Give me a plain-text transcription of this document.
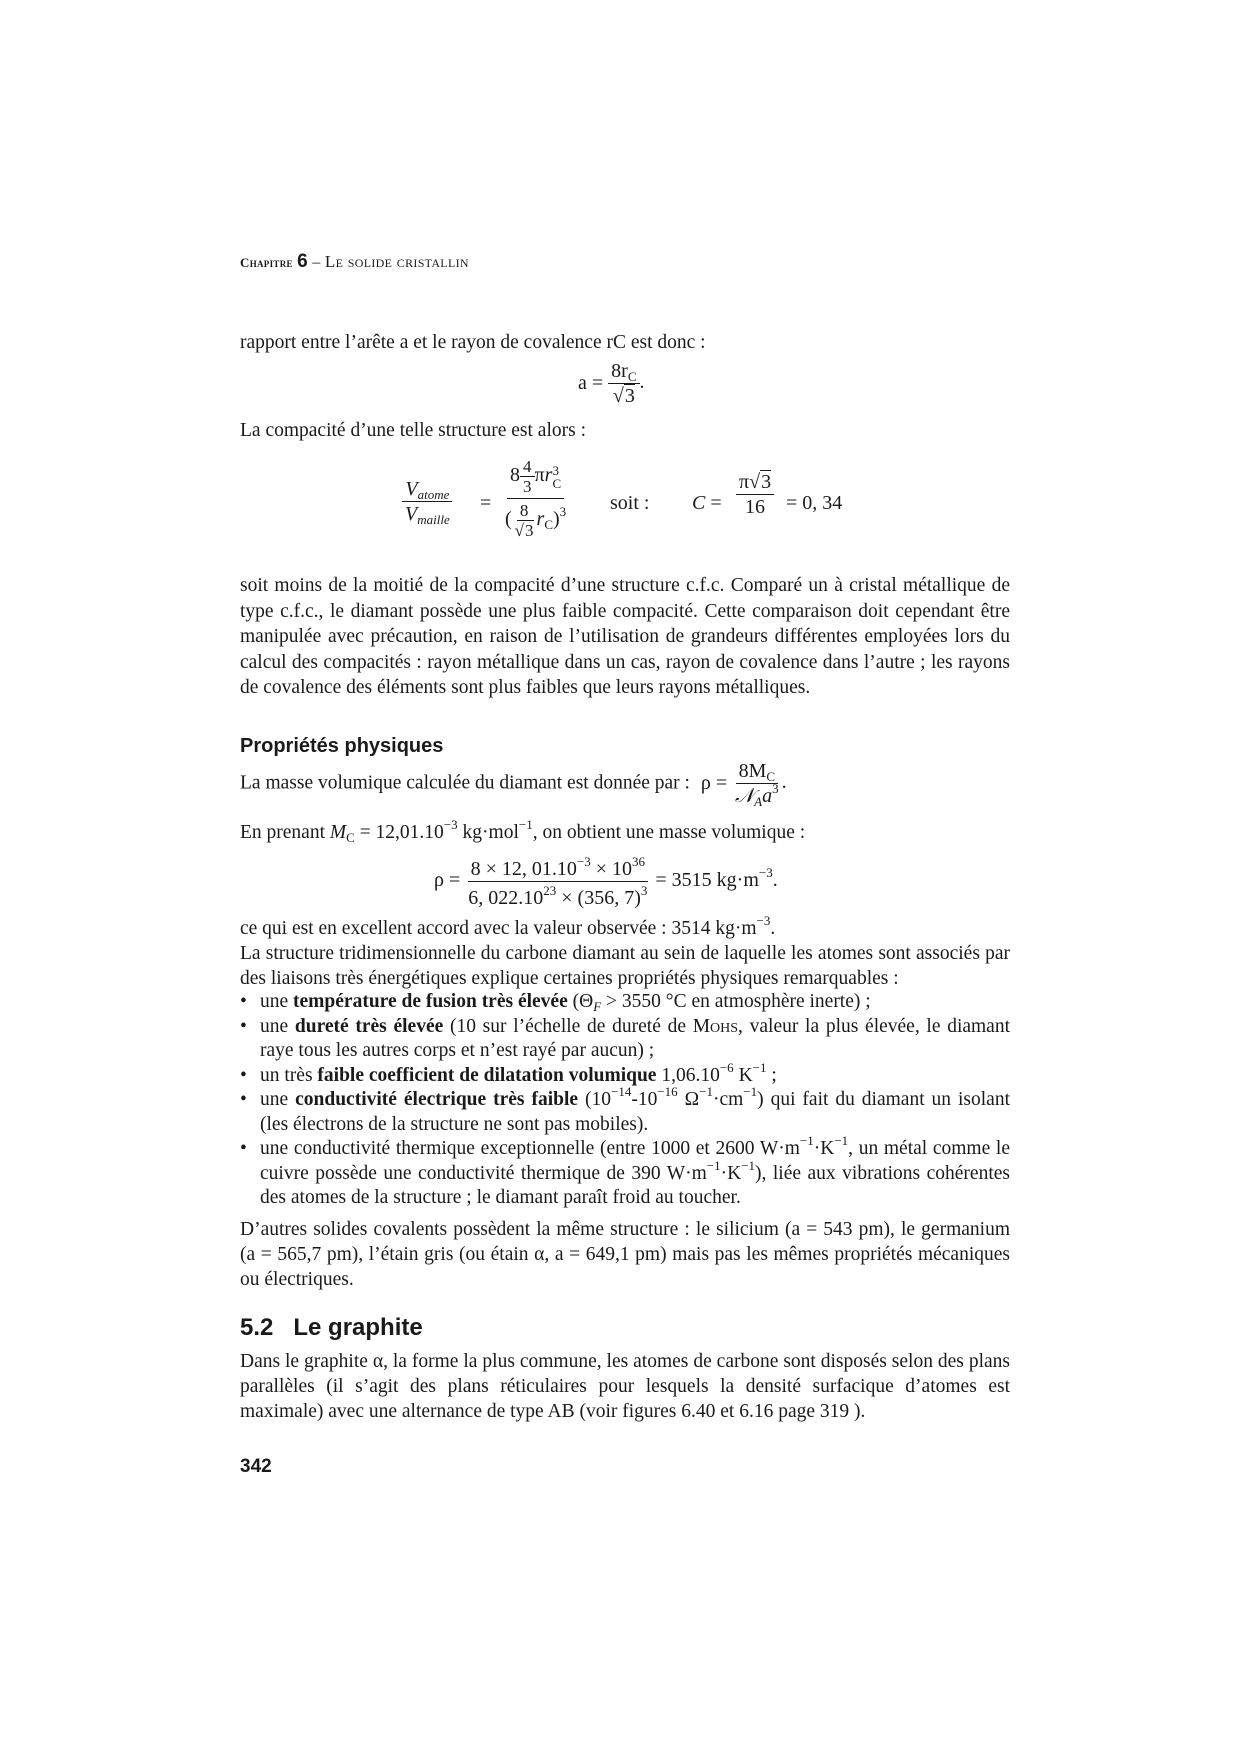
Chapitre 6 – Le solide cristallin
rapport entre l’arête a et le rayon de covalence rC est donc :
$a = \frac{8r_C}{√3}$ .
La compacité d’une telle structure est alors :
$\frac{V_{atome}}{V_{maille}} = 8 \frac{4}{3}$ πr 3
C
( $\frac{8}{√3} r_C)^3$ soit : $C = \frac{\pi√3}{16} = 0$, 34

soit moins de la moitié de la compacité d’une structure c.f.c. Comparé un à cristal métallique de type c.f.c., le diamant possède une plus faible compacité. Cette comparaison doit cependant être manipulée avec précaution, en raison de l’utilisation de grandeurs différentes employées lors du calcul des compacités : rayon métallique dans un cas, rayon de covalence dans l’autre ; les rayons de covalence des éléments sont plus faibles que leurs rayons métalliques.

Propriétés physiques
La masse volumique calculée du diamant est donnée par : $\rho = \frac{8M_C}{𝒩_Aa^3}$ .
En prenant $M_C = 12,01.10^{-3}$ kg·mol$^{-1}$, on obtient une masse volumique :
$\rho = \frac{8 \times 12, 01.10^{-3} \times 10^{36}}{6, 022.10^{23} \times (356, 7)^3} = 3515$ $kg\cdot m^{-3}$.
ce qui est en excellent accord avec la valeur observée : 3514 $kg\cdot m^{-3}$.

La structure tridimensionnelle du carbone diamant au sein de laquelle les atomes sont associés par des liaisons très énergétiques explique certaines propriétés physiques remarquables :

• une température de fusion très élevée ($\Theta_F > 3550$ °C en atmosphère inerte) ;
• une dureté très élevée (10 sur l’échelle de dureté de Mohs, valeur la plus élevée, le diamant raye tous les autres corps et n’est rayé par aucun) ;
• un très faible coefficient de dilatation volumique $1,06.10^{-6}$ $K^{-1}$ ;
• une conductivité électrique très faible ($10^{-14}-10^{-16}$ $\Omega^{-1}\cdot cm^{-1}$) qui fait du diamant un isolant (les électrons de la structure ne sont pas mobiles).
• une conductivité thermique exceptionnelle (entre 1000 et 2600 $W\cdot m^{-1}\cdot K^{-1}$, un métal comme le cuivre possède une conductivité thermique de 390 $W\cdot m^{-1}\cdot K^{-1}$), liée aux vibrations cohérentes des atomes de la structure ; le diamant paraît froid au toucher.

D’autres solides covalents possèdent la même structure : le silicium (a = 543 pm), le germanium (a = 565,7 pm), l’étain gris (ou étain α, a = 649,1 pm) mais pas les mêmes propriétés mécaniques ou électriques.

5.2 Le graphite

Dans le graphite α, la forme la plus commune, les atomes de carbone sont disposés selon des plans parallèles (il s’agit des plans réticulaires pour lesquels la densité surfacique d’atomes est maximale) avec une alternance de type AB (voir figures 6.40 et 6.16 page 319 ).

342
